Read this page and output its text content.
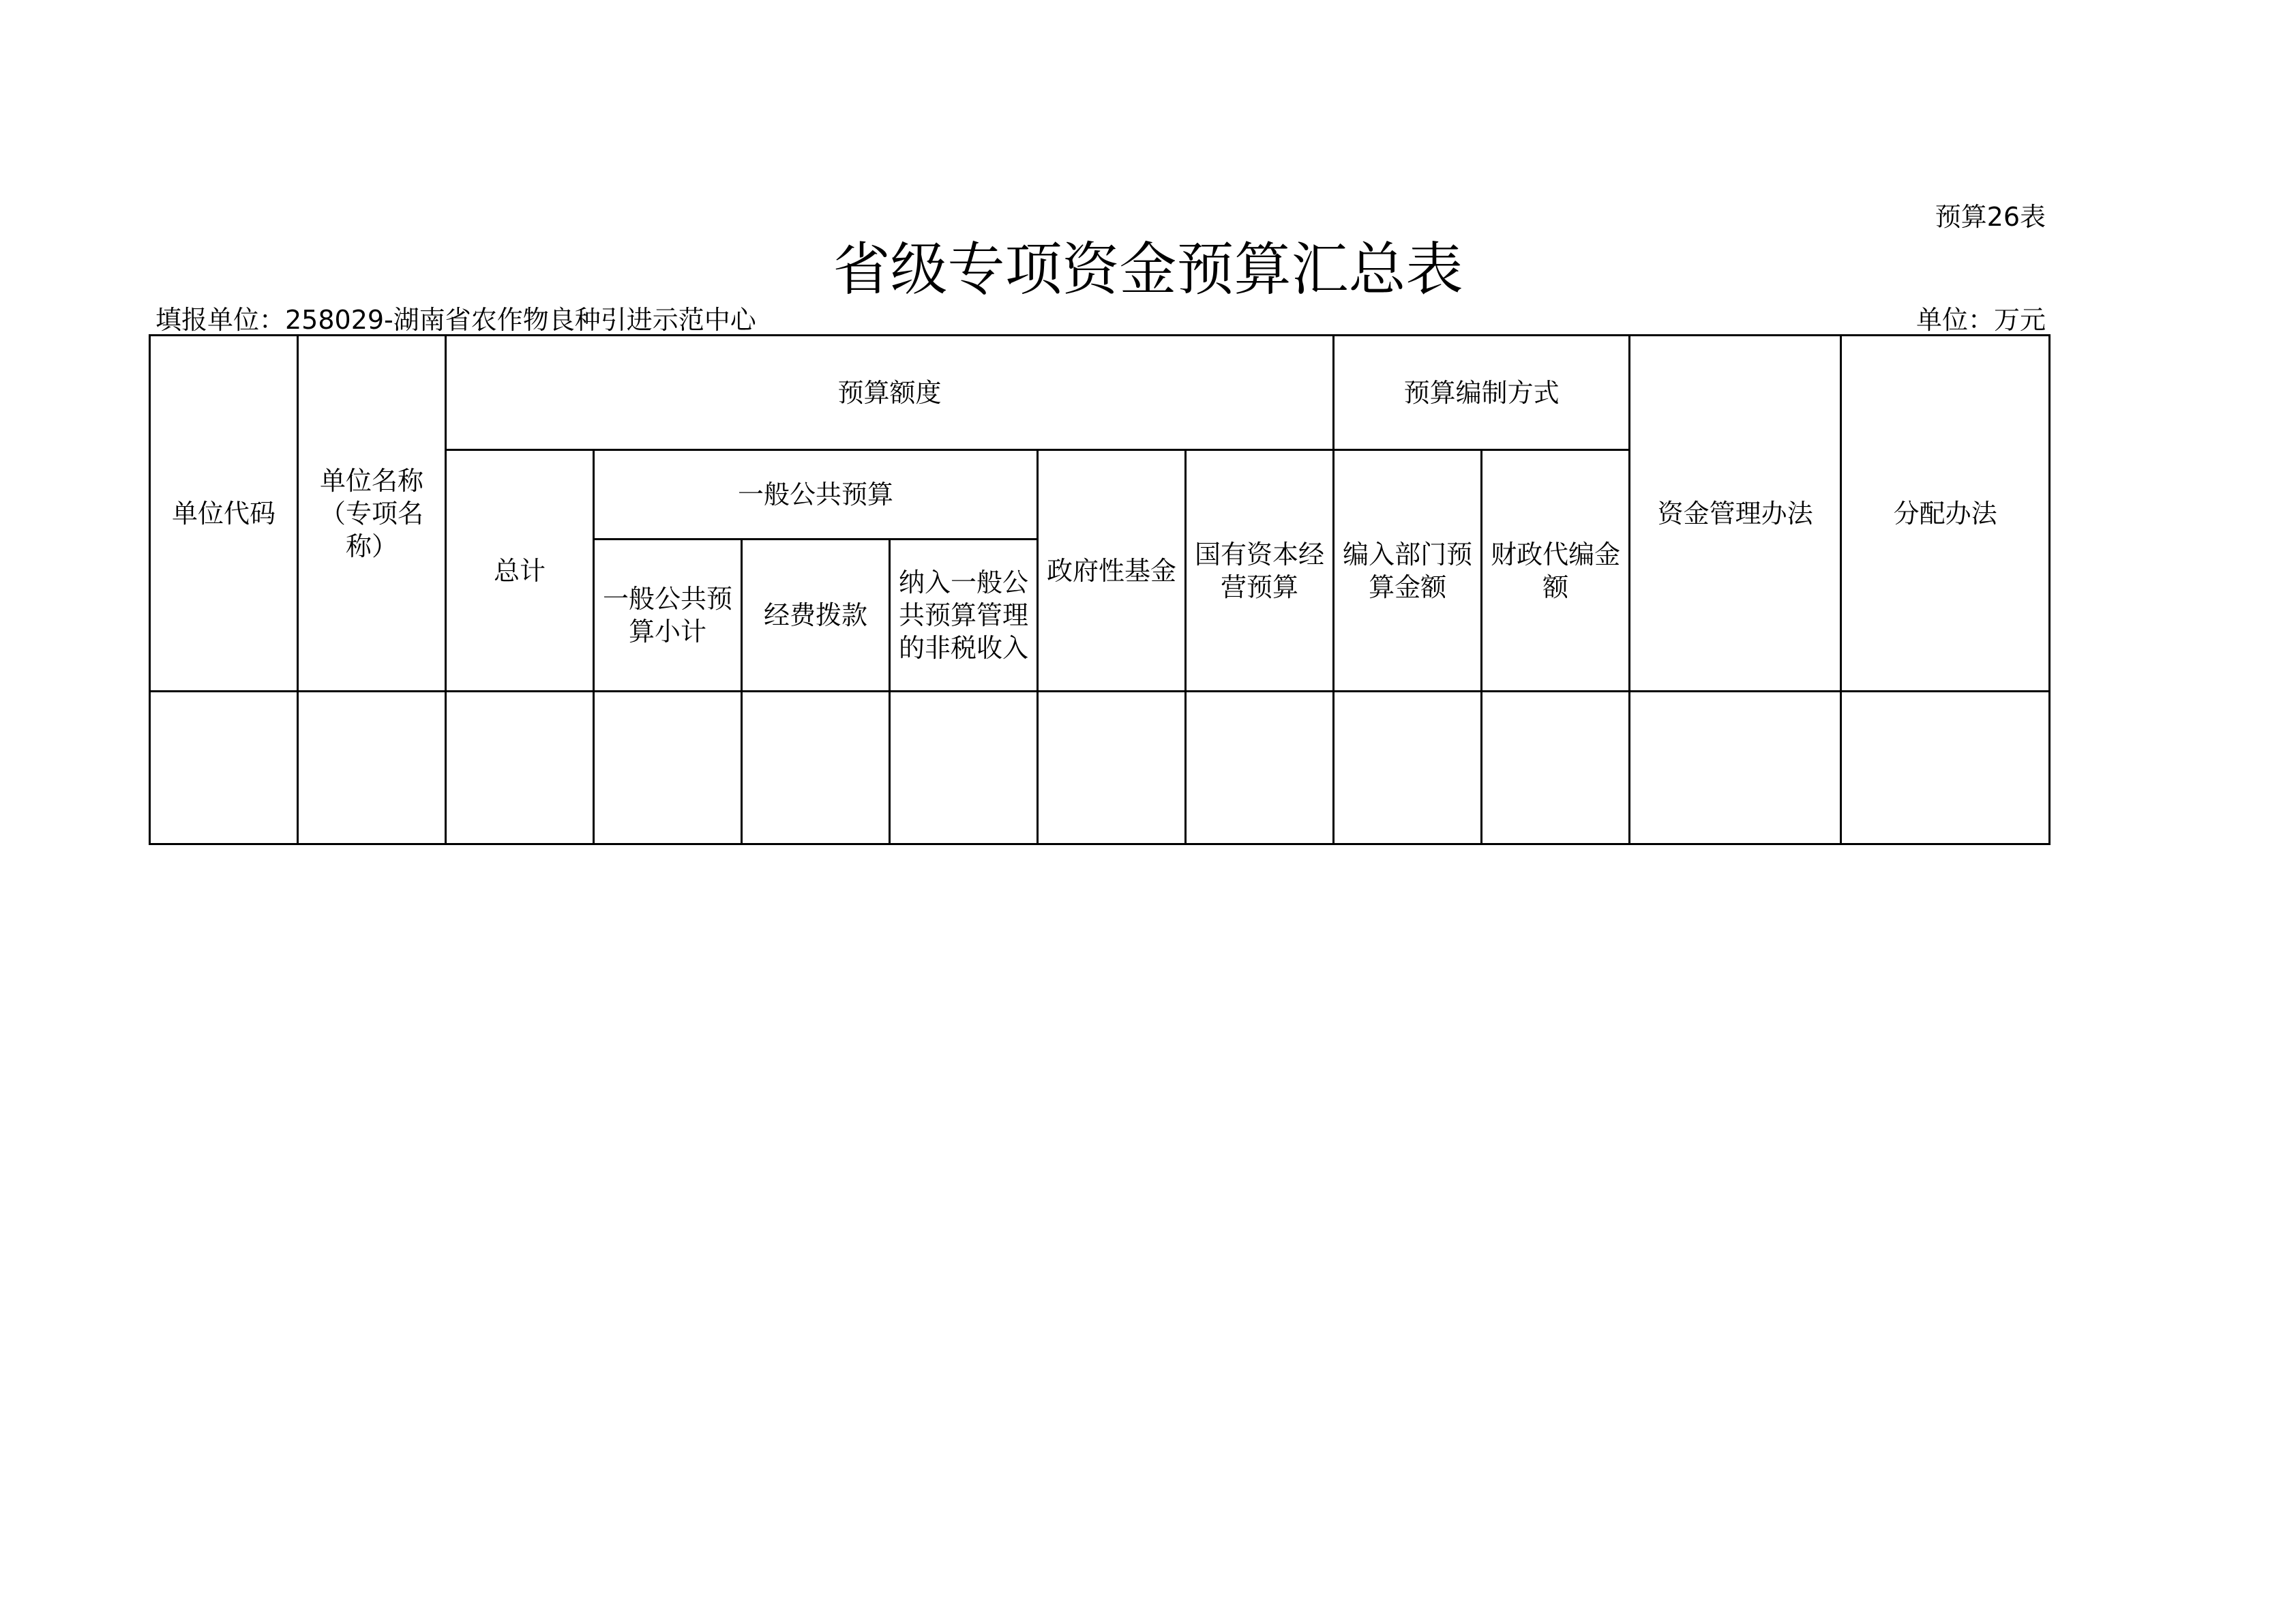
预算26表
省级专项资金预算汇总表
填报单位：258029-湖南省农作物良种引进示范中心	单位：万元
单位代码	单位名称（专项名称）	预算额度						预算编制方式		资金管理办法	分配办法
		总计	一般公共预算			政府性基金	国有资本经营预算	编入部门预算金额	财政代编金额		
			一般公共预算小计	经费拨款	纳入一般公共预算管理的非税收入						
